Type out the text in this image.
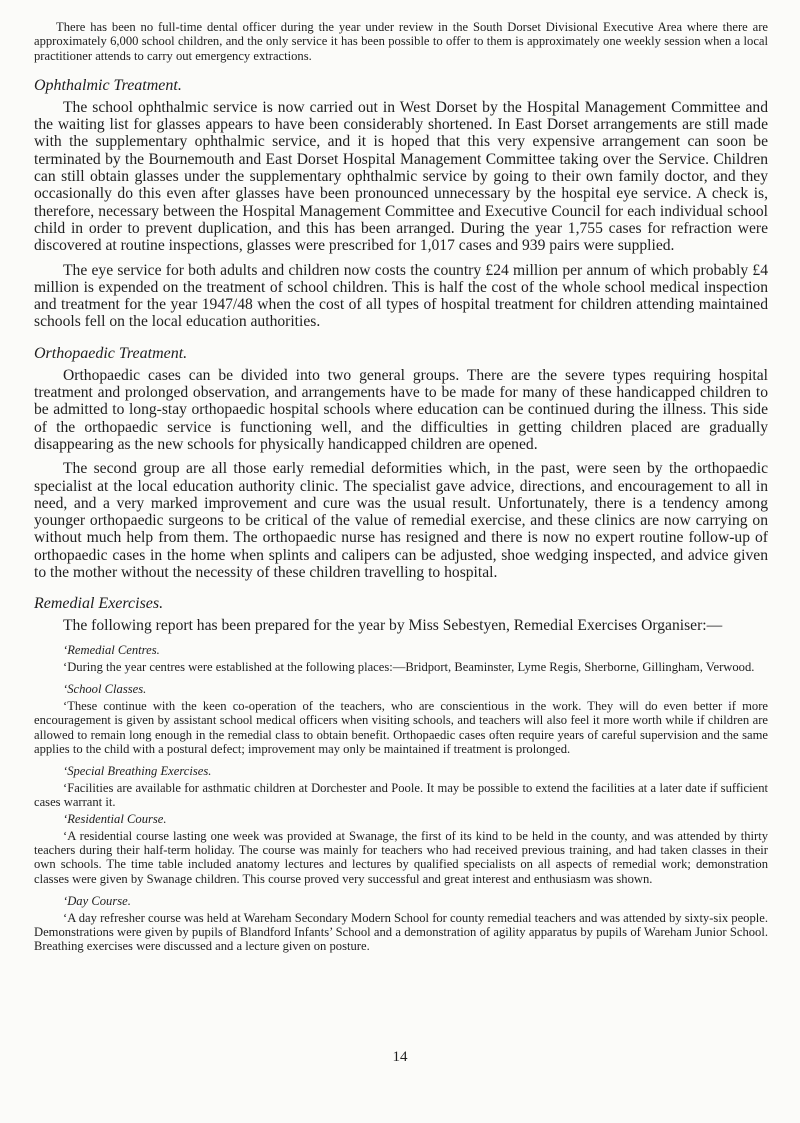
There has been no full-time dental officer during the year under review in the South Dorset Divisional Executive Area where there are approximately 6,000 school children, and the only service it has been possible to offer to them is approximately one weekly session when a local practitioner attends to carry out emergency extractions.

Ophthalmic Treatment.

The school ophthalmic service is now carried out in West Dorset by the Hospital Management Committee and the waiting list for glasses appears to have been considerably shortened. In East Dorset arrangements are still made with the supplementary ophthalmic service, and it is hoped that this very expensive arrangement can soon be terminated by the Bournemouth and East Dorset Hospital Management Committee taking over the Service. Children can still obtain glasses under the supplementary ophthalmic service by going to their own family doctor, and they occasionally do this even after glasses have been pronounced unnecessary by the hospital eye service. A check is, therefore, necessary between the Hospital Management Committee and Executive Council for each individual school child in order to prevent duplication, and this has been arranged. During the year 1,755 cases for refraction were discovered at routine inspections, glasses were prescribed for 1,017 cases and 939 pairs were supplied.

The eye service for both adults and children now costs the country £24 million per annum of which probably £4 million is expended on the treatment of school children. This is half the cost of the whole school medical inspection and treatment for the year 1947/48 when the cost of all types of hospital treatment for children attending maintained schools fell on the local education authorities.

Orthopaedic Treatment.

Orthopaedic cases can be divided into two general groups. There are the severe types requiring hospital treatment and prolonged observation, and arrangements have to be made for many of these handicapped children to be admitted to long-stay orthopaedic hospital schools where education can be continued during the illness. This side of the orthopaedic service is functioning well, and the difficulties in getting children placed are gradually disappearing as the new schools for physically handicapped children are opened.

The second group are all those early remedial deformities which, in the past, were seen by the orthopaedic specialist at the local education authority clinic. The specialist gave advice, directions, and encouragement to all in need, and a very marked improvement and cure was the usual result. Unfortunately, there is a tendency among younger orthopaedic surgeons to be critical of the value of remedial exercise, and these clinics are now carrying on without much help from them. The orthopaedic nurse has resigned and there is now no expert routine follow-up of orthopaedic cases in the home when splints and calipers can be adjusted, shoe wedging inspected, and advice given to the mother without the necessity of these children travelling to hospital.

Remedial Exercises.

The following report has been prepared for the year by Miss Sebestyen, Remedial Exercises Organiser:—

‘Remedial Centres.

‘During the year centres were established at the following places:—Bridport, Beaminster, Lyme Regis, Sherborne, Gillingham, Verwood.

‘School Classes.

‘These continue with the keen co-operation of the teachers, who are conscientious in the work. They will do even better if more encouragement is given by assistant school medical officers when visiting schools, and teachers will also feel it more worth while if children are allowed to remain long enough in the remedial class to obtain benefit. Orthopaedic cases often require years of careful supervision and the same applies to the child with a postural defect; improvement may only be maintained if treatment is prolonged.

‘Special Breathing Exercises.

‘Facilities are available for asthmatic children at Dorchester and Poole. It may be possible to extend the facilities at a later date if sufficient cases warrant it.

‘Residential Course.

‘A residential course lasting one week was provided at Swanage, the first of its kind to be held in the county, and was attended by thirty teachers during their half-term holiday. The course was mainly for teachers who had received previous training, and had taken classes in their own schools. The time table included anatomy lectures and lectures by qualified specialists on all aspects of remedial work; demonstration classes were given by Swanage children. This course proved very successful and great interest and enthusiasm was shown.

‘Day Course.

‘A day refresher course was held at Wareham Secondary Modern School for county remedial teachers and was attended by sixty-six people. Demonstrations were given by pupils of Blandford Infants’ School and a demonstration of agility apparatus by pupils of Wareham Junior School. Breathing exercises were discussed and a lecture given on posture.

14
